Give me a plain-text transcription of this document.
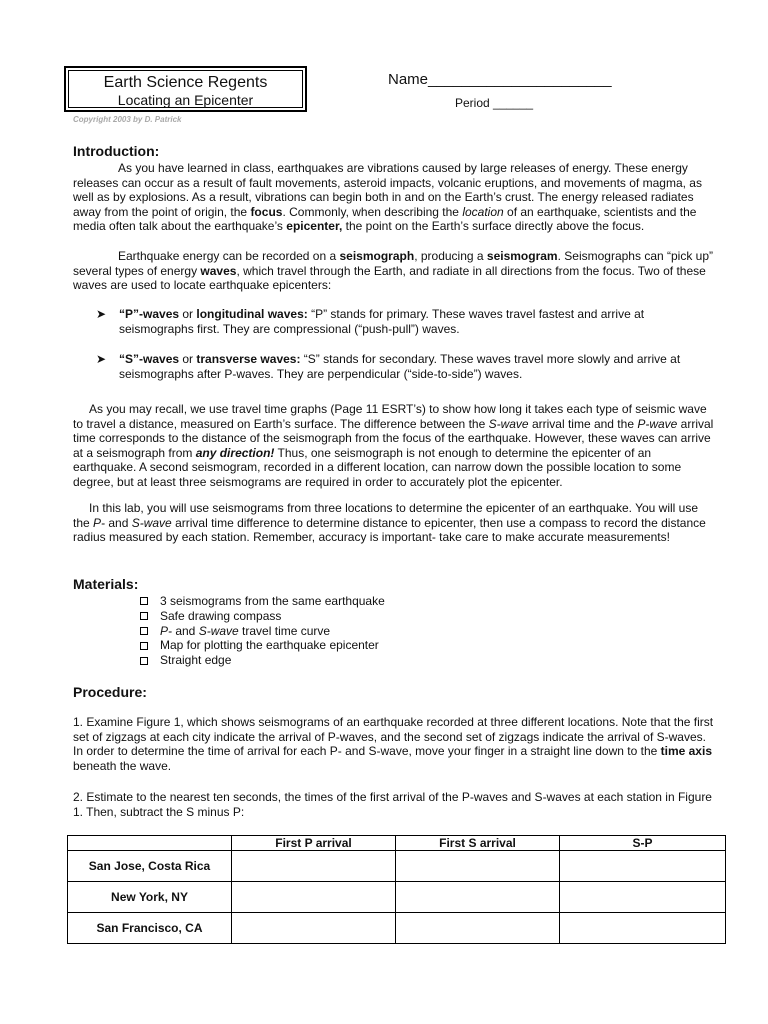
Earth Science Regents
Locating an Epicenter
Name______________________
Period ______
Copyright 2003 by D. Patrick
Introduction:
As you have learned in class, earthquakes are vibrations caused by large releases of energy. These energy releases can occur as a result of fault movements, asteroid impacts, volcanic eruptions, and movements of magma, as well as by explosions. As a result, vibrations can begin both in and on the Earth’s crust. The energy released radiates away from the point of origin, the focus. Commonly, when describing the location of an earthquake, scientists and the media often talk about the earthquake’s epicenter, the point on the Earth’s surface directly above the focus.
Earthquake energy can be recorded on a seismograph, producing a seismogram. Seismographs can “pick up” several types of energy waves, which travel through the Earth, and radiate in all directions from the focus. Two of these waves are used to locate earthquake epicenters:
➤ “P”-waves or longitudinal waves: “P” stands for primary. These waves travel fastest and arrive at seismographs first. They are compressional (“push-pull”) waves.
➤ “S”-waves or transverse waves: “S” stands for secondary. These waves travel more slowly and arrive at seismographs after P-waves. They are perpendicular (“side-to-side”) waves.
As you may recall, we use travel time graphs (Page 11 ESRT’s) to show how long it takes each type of seismic wave to travel a distance, measured on Earth’s surface. The difference between the S-wave arrival time and the P-wave arrival time corresponds to the distance of the seismograph from the focus of the earthquake. However, these waves can arrive at a seismograph from any direction! Thus, one seismograph is not enough to determine the epicenter of an earthquake. A second seismogram, recorded in a different location, can narrow down the possible location to some degree, but at least three seismograms are required in order to accurately plot the epicenter.
In this lab, you will use seismograms from three locations to determine the epicenter of an earthquake. You will use the P- and S-wave arrival time difference to determine distance to epicenter, then use a compass to record the distance radius measured by each station. Remember, accuracy is important- take care to make accurate measurements!
Materials:
3 seismograms from the same earthquake
Safe drawing compass
P- and S-wave travel time curve
Map for plotting the earthquake epicenter
Straight edge
Procedure:
1. Examine Figure 1, which shows seismograms of an earthquake recorded at three different locations. Note that the first set of zigzags at each city indicate the arrival of P-waves, and the second set of zigzags indicate the arrival of S-waves. In order to determine the time of arrival for each P- and S-wave, move your finger in a straight line down to the time axis beneath the wave.
2. Estimate to the nearest ten seconds, the times of the first arrival of the P-waves and S-waves at each station in Figure 1. Then, subtract the S minus P:
	First P arrival	First S arrival	S-P
San Jose, Costa Rica			
New York, NY			
San Francisco, CA			
